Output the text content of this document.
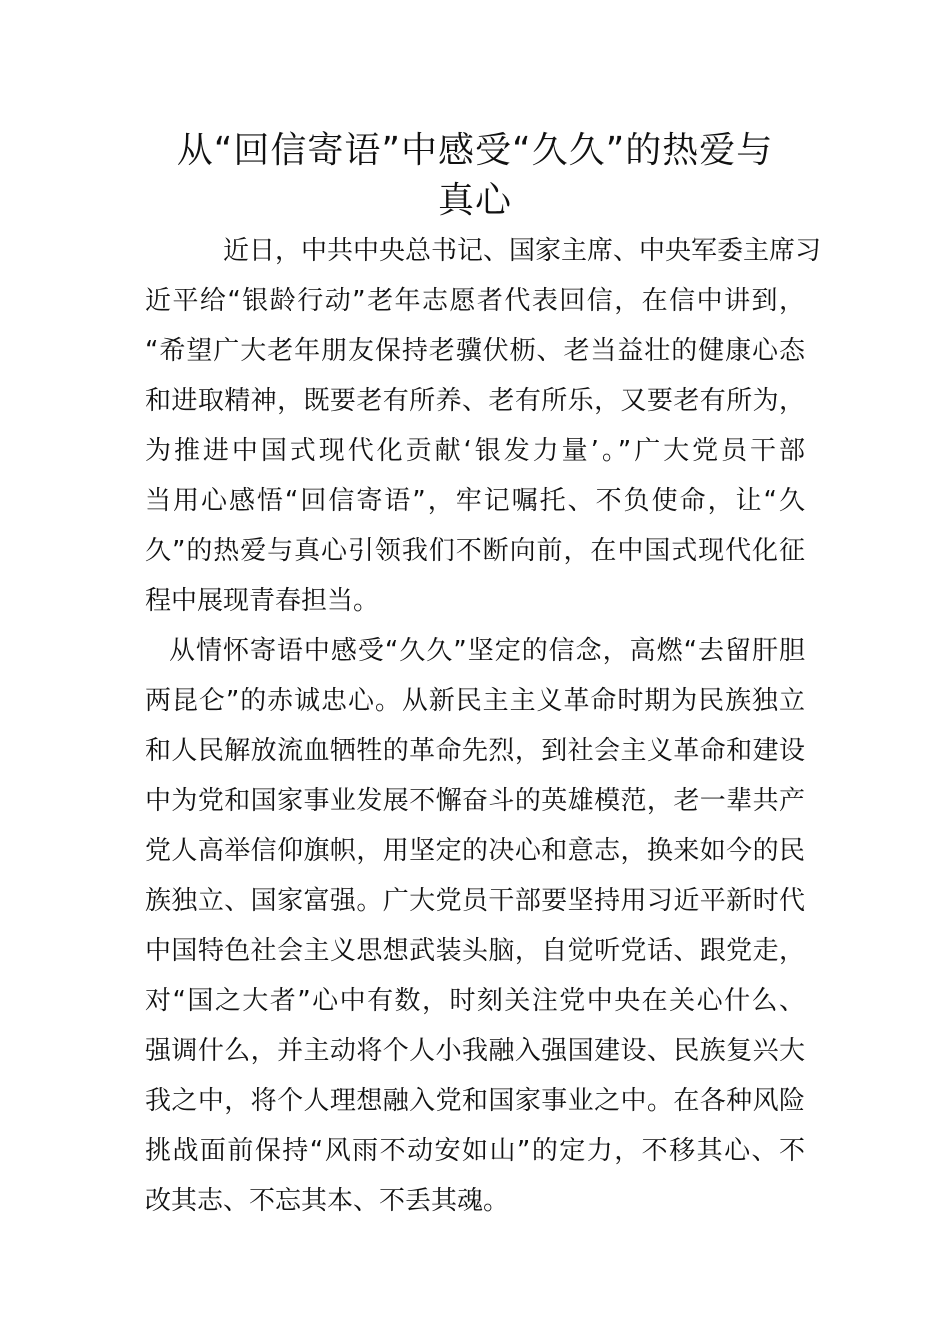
从“回信寄语”中感受“久久”的热爱与
真心
近日，中共中央总书记、国家主席、中央军委主席习
近平给“银龄行动”老年志愿者代表回信，在信中讲到，
“希望广大老年朋友保持老骥伏枥、老当益壮的健康心态
和进取精神，既要老有所养、老有所乐，又要老有所为，
为推进中国式现代化贡献‘银发力量’。”广大党员干部
当用心感悟“回信寄语”，牢记嘱托、不负使命，让“久
久”的热爱与真心引领我们不断向前，在中国式现代化征
程中展现青春担当。
从情怀寄语中感受“久久”坚定的信念，高燃“去留肝胆
两昆仑”的赤诚忠心。从新民主主义革命时期为民族独立
和人民解放流血牺牲的革命先烈，到社会主义革命和建设
中为党和国家事业发展不懈奋斗的英雄模范，老一辈共产
党人高举信仰旗帜，用坚定的决心和意志，换来如今的民
族独立、国家富强。广大党员干部要坚持用习近平新时代
中国特色社会主义思想武装头脑，自觉听党话、跟党走，
对“国之大者”心中有数，时刻关注党中央在关心什么、
强调什么，并主动将个人小我融入强国建设、民族复兴大
我之中，将个人理想融入党和国家事业之中。在各种风险
挑战面前保持“风雨不动安如山”的定力，不移其心、不
改其志、不忘其本、不丢其魂。
